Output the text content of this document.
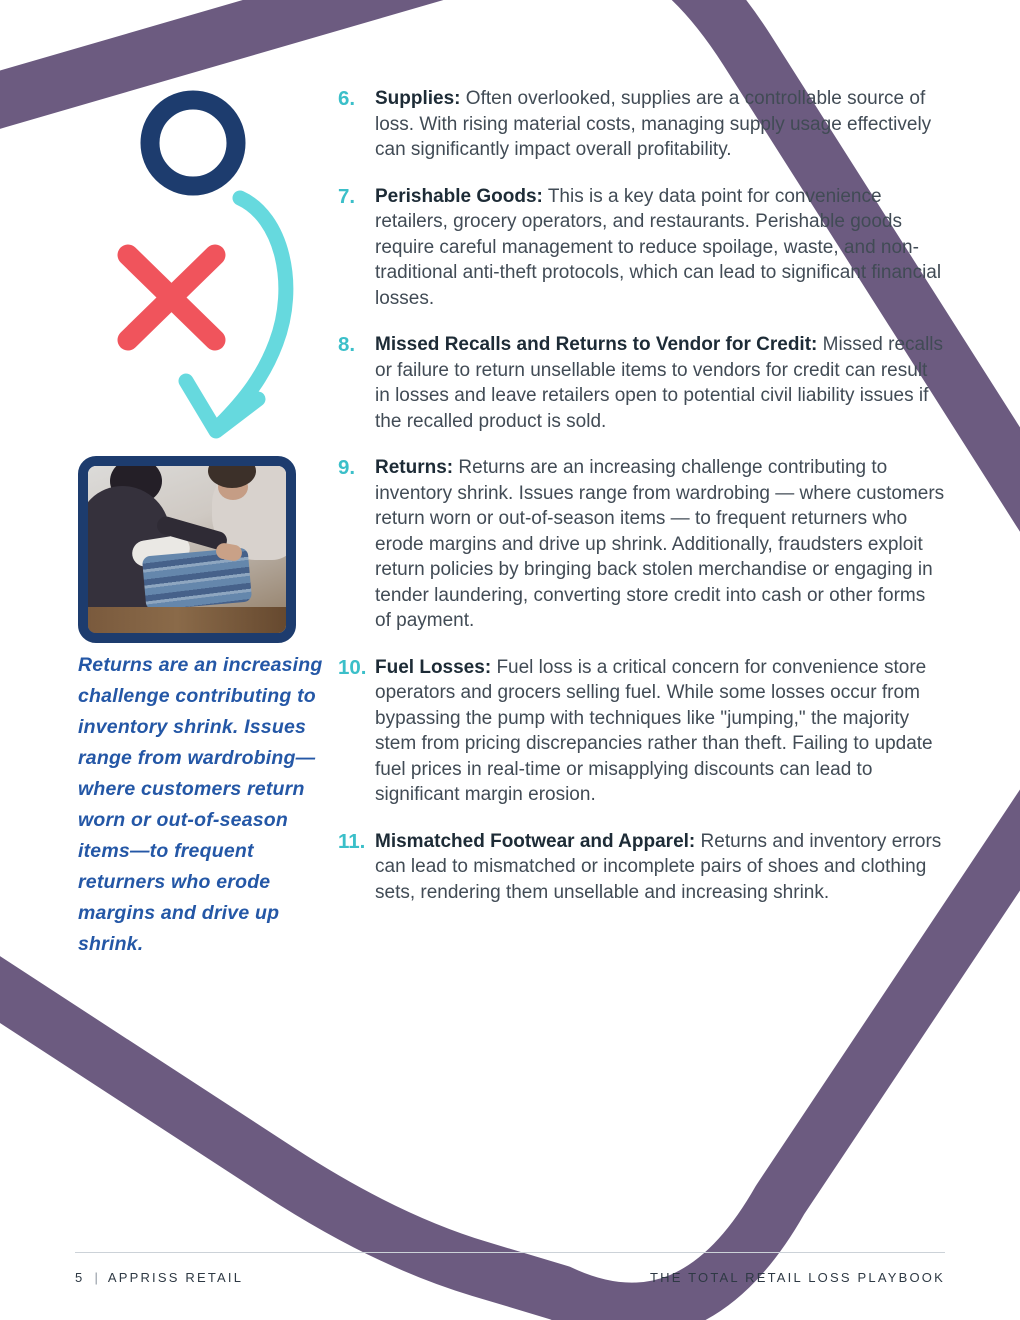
Returns are an increasing challenge contributing to inventory shrink. Issues range from wardrobing—where customers return worn or out-of-season items—to frequent returners who erode margins and drive up shrink.

6.	Supplies: Often overlooked, supplies are a controllable source of loss. With rising material costs, managing supply usage effectively can significantly impact overall profitability.

7.	Perishable Goods: This is a key data point for convenience retailers, grocery operators, and restaurants. Perishable goods require careful management to reduce spoilage, waste, and non-traditional anti-theft protocols, which can lead to significant financial losses.

8.	Missed Recalls and Returns to Vendor for Credit: Missed recalls or failure to return unsellable items to vendors for credit can result in losses and leave retailers open to potential civil liability issues if the recalled product is sold.

9.	Returns: Returns are an increasing challenge contributing to inventory shrink. Issues range from wardrobing — where customers return worn or out-of-season items — to frequent returners who erode margins and drive up shrink. Additionally, fraudsters exploit return policies by bringing back stolen merchandise or engaging in tender laundering, converting store credit into cash or other forms of payment.

10. Fuel Losses: Fuel loss is a critical concern for convenience store operators and grocers selling fuel. While some losses occur from bypassing the pump with techniques like "jumping," the majority stem from pricing discrepancies rather than theft. Failing to update fuel prices in real-time or misapplying discounts can lead to significant margin erosion.

11. Mismatched Footwear and Apparel: Returns and inventory errors can lead to mismatched or incomplete pairs of shoes and clothing sets, rendering them unsellable and increasing shrink.

5 | APPRISS RETAIL	THE TOTAL RETAIL LOSS PLAYBOOK
